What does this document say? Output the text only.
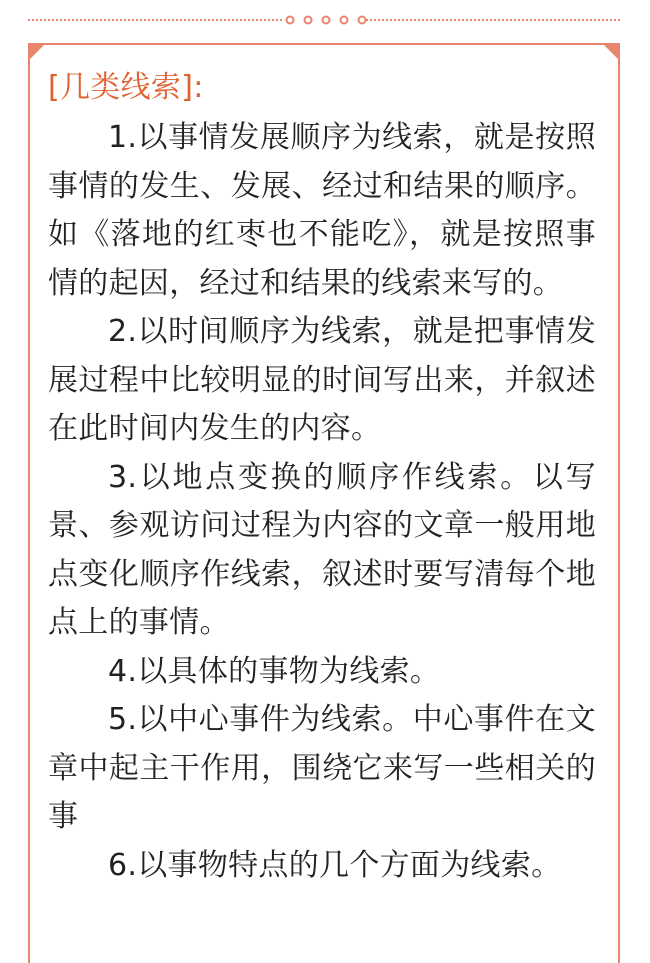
[几类线索]:

1.以事情发展顺序为线索，就是按照事情的发生、发展、经过和结果的顺序。如《落地的红枣也不能吃》，就是按照事情的起因，经过和结果的线索来写的。

2.以时间顺序为线索，就是把事情发展过程中比较明显的时间写出来，并叙述在此时间内发生的内容。

3.以地点变换的顺序作线索。以写景、参观访问过程为内容的文章一般用地点变化顺序作线索，叙述时要写清每个地点上的事情。

4.以具体的事物为线索。

5.以中心事件为线索。中心事件在文章中起主干作用，围绕它来写一些相关的事

6.以事物特点的几个方面为线索。
